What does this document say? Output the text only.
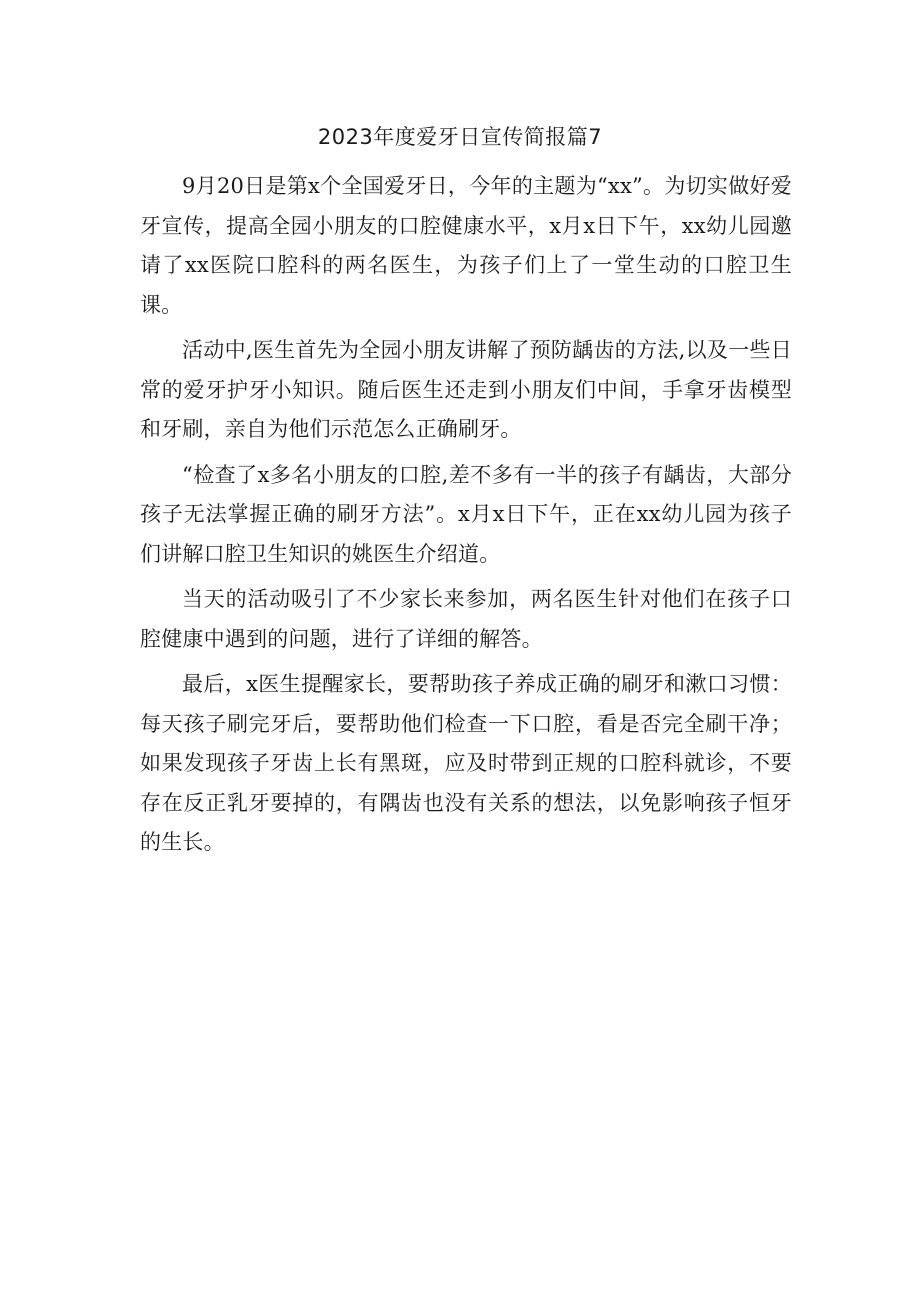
2023年度爱牙日宣传简报篇7

9月20日是第x个全国爱牙日，今年的主题为“xx”。为切实做好爱牙宣传，提高全园小朋友的口腔健康水平，x月x日下午，xx幼儿园邀请了xx医院口腔科的两名医生，为孩子们上了一堂生动的口腔卫生课。

活动中,医生首先为全园小朋友讲解了预防龋齿的方法,以及一些日常的爱牙护牙小知识。随后医生还走到小朋友们中间，手拿牙齿模型和牙刷，亲自为他们示范怎么正确刷牙。

“检查了x多名小朋友的口腔,差不多有一半的孩子有龋齿，大部分孩子无法掌握正确的刷牙方法”。x月x日下午，正在xx幼儿园为孩子们讲解口腔卫生知识的姚医生介绍道。

当天的活动吸引了不少家长来参加，两名医生针对他们在孩子口腔健康中遇到的问题，进行了详细的解答。

最后，x医生提醒家长，要帮助孩子养成正确的刷牙和漱口习惯：每天孩子刷完牙后，要帮助他们检查一下口腔，看是否完全刷干净；如果发现孩子牙齿上长有黑斑，应及时带到正规的口腔科就诊，不要存在反正乳牙要掉的，有隅齿也没有关系的想法，以免影响孩子恒牙的生长。
